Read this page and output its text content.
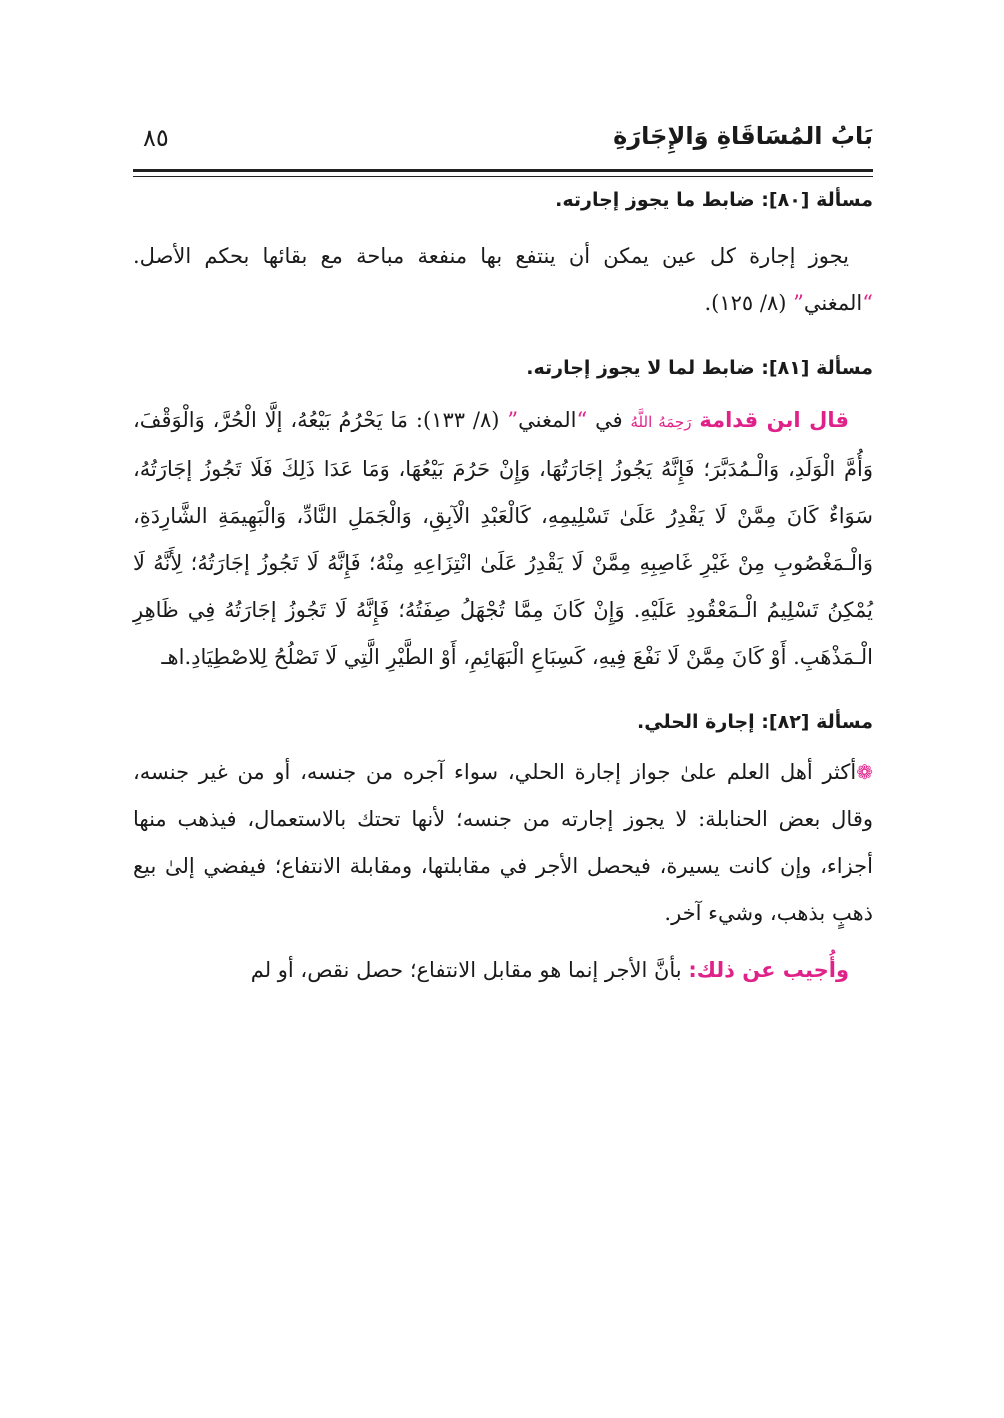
بَابُ المُسَاقَاةِ وَالإِجَارَةِ
٨٥

مسألة [٨٠]: ضابط ما يجوز إجارته.

يجوز إجارة كل عين يمكن أن ينتفع بها منفعة مباحة مع بقائها بحكم الأصل. “المغني” (٨/ ١٢٥).

مسألة [٨١]: ضابط لما لا يجوز إجارته.

قال ابن قدامة رَحِمَهُ اللَّهُ في “المغني” (٨/ ١٣٣): مَا يَحْرُمُ بَيْعُهُ، إلَّا الْحُرَّ، وَالْوَقْفَ، وَأُمَّ الْوَلَدِ، وَالْـمُدَبَّرَ؛ فَإِنَّهُ يَجُوزُ إجَارَتُهَا، وَإِنْ حَرُمَ بَيْعُهَا، وَمَا عَدَا ذَلِكَ فَلَا تَجُوزُ إجَارَتُهُ، سَوَاءٌ كَانَ مِمَّنْ لَا يَقْدِرُ عَلَىٰ تَسْلِيمِهِ، كَالْعَبْدِ الْآبِقِ، وَالْجَمَلِ النَّادِّ، وَالْبَهِيمَةِ الشَّارِدَةِ، وَالْـمَغْصُوبِ مِنْ غَيْرِ غَاصِبِهِ مِمَّنْ لَا يَقْدِرُ عَلَىٰ انْتِزَاعِهِ مِنْهُ؛ فَإِنَّهُ لَا تَجُوزُ إجَارَتُهُ؛ لِأَنَّهُ لَا يُمْكِنُ تَسْلِيمُ الْـمَعْقُودِ عَلَيْهِ. وَإِنْ كَانَ مِمَّا تُجْهَلُ صِفَتُهُ؛ فَإِنَّهُ لَا تَجُوزُ إجَارَتُهُ فِي ظَاهِرِ الْـمَذْهَبِ. أَوْ كَانَ مِمَّنْ لَا نَفْعَ فِيهِ، كَسِبَاعِ الْبَهَائِمِ، أَوْ الطَّيْرِ الَّتِي لَا تَصْلُحُ لِلاصْطِيَادِ.اهـ

مسألة [٨٢]: إجارة الحلي.

❁أكثر أهل العلم علىٰ جواز إجارة الحلي، سواء آجره من جنسه، أو من غير جنسه، وقال بعض الحنابلة: لا يجوز إجارته من جنسه؛ لأنها تحتك بالاستعمال، فيذهب منها أجزاء، وإن كانت يسيرة، فيحصل الأجر في مقابلتها، ومقابلة الانتفاع؛ فيفضي إلىٰ بيع ذهبٍ بذهب، وشيء آخر.

وأُجيب عن ذلك: بأنَّ الأجر إنما هو مقابل الانتفاع؛ حصل نقص، أو لم
